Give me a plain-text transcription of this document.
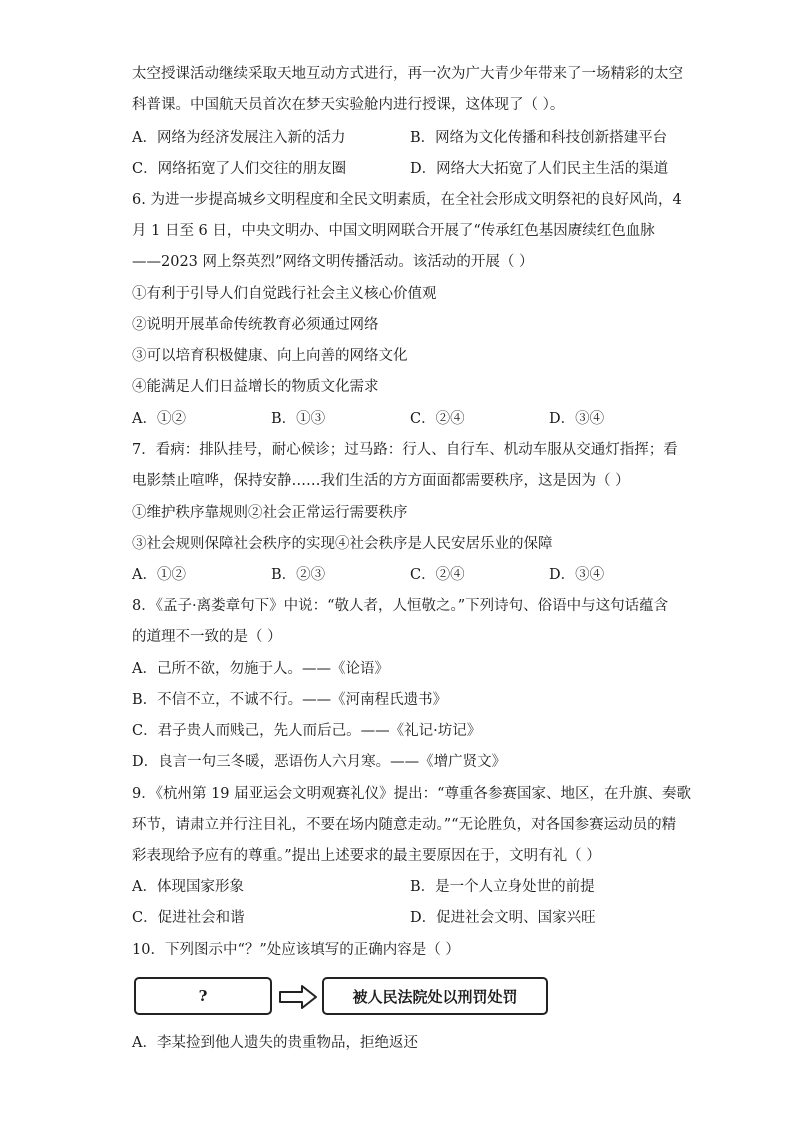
太空授课活动继续采取天地互动方式进行，再一次为广大青少年带来了一场精彩的太空
科普课。中国航天员首次在梦天实验舱内进行授课，这体现了（ ）。
A．网络为经济发展注入新的活力	B．网络为文化传播和科技创新搭建平台
C．网络拓宽了人们交往的朋友圈	D．网络大大拓宽了人们民主生活的渠道
6. 为进一步提高城乡文明程度和全民文明素质，在全社会形成文明祭祀的良好风尚，4
月 1 日至 6 日，中央文明办、中国文明网联合开展了“传承红色基因赓续红色血脉
——2023 网上祭英烈”网络文明传播活动。该活动的开展（ ）
①有利于引导人们自觉践行社会主义核心价值观
②说明开展革命传统教育必须通过网络
③可以培育积极健康、向上向善的网络文化
④能满足人们日益增长的物质文化需求
A．①②	B．①③	C．②④	D．③④
7．看病：排队挂号，耐心候诊；过马路：行人、自行车、机动车服从交通灯指挥；看
电影禁止喧哗，保持安静……我们生活的方方面面都需要秩序，这是因为（ ）
①维护秩序靠规则②社会正常运行需要秩序
③社会规则保障社会秩序的实现④社会秩序是人民安居乐业的保障
A．①②	B．②③	C．②④	D．③④
8．《孟子·离娄章句下》中说：“敬人者，人恒敬之。”下列诗句、俗语中与这句话蕴含
的道理不一致的是（ ）
A．己所不欲，勿施于人。——《论语》
B．不信不立，不诚不行。——《河南程氏遗书》
C．君子贵人而贱己，先人而后己。——《礼记·坊记》
D．良言一句三冬暖，恶语伤人六月寒。——《增广贤文》
9．《杭州第 19 届亚运会文明观赛礼仪》提出：“尊重各参赛国家、地区，在升旗、奏歌
环节，请肃立并行注目礼，不要在场内随意走动。”“无论胜负，对各国参赛运动员的精
彩表现给予应有的尊重。”提出上述要求的最主要原因在于，文明有礼（ ）
A．体现国家形象	B．是一个人立身处世的前提
C．促进社会和谐	D．促进社会文明、国家兴旺
10．下列图示中“？”处应该填写的正确内容是（ ）
?	被人民法院处以刑罚处罚
A．李某捡到他人遗失的贵重物品，拒绝返还
